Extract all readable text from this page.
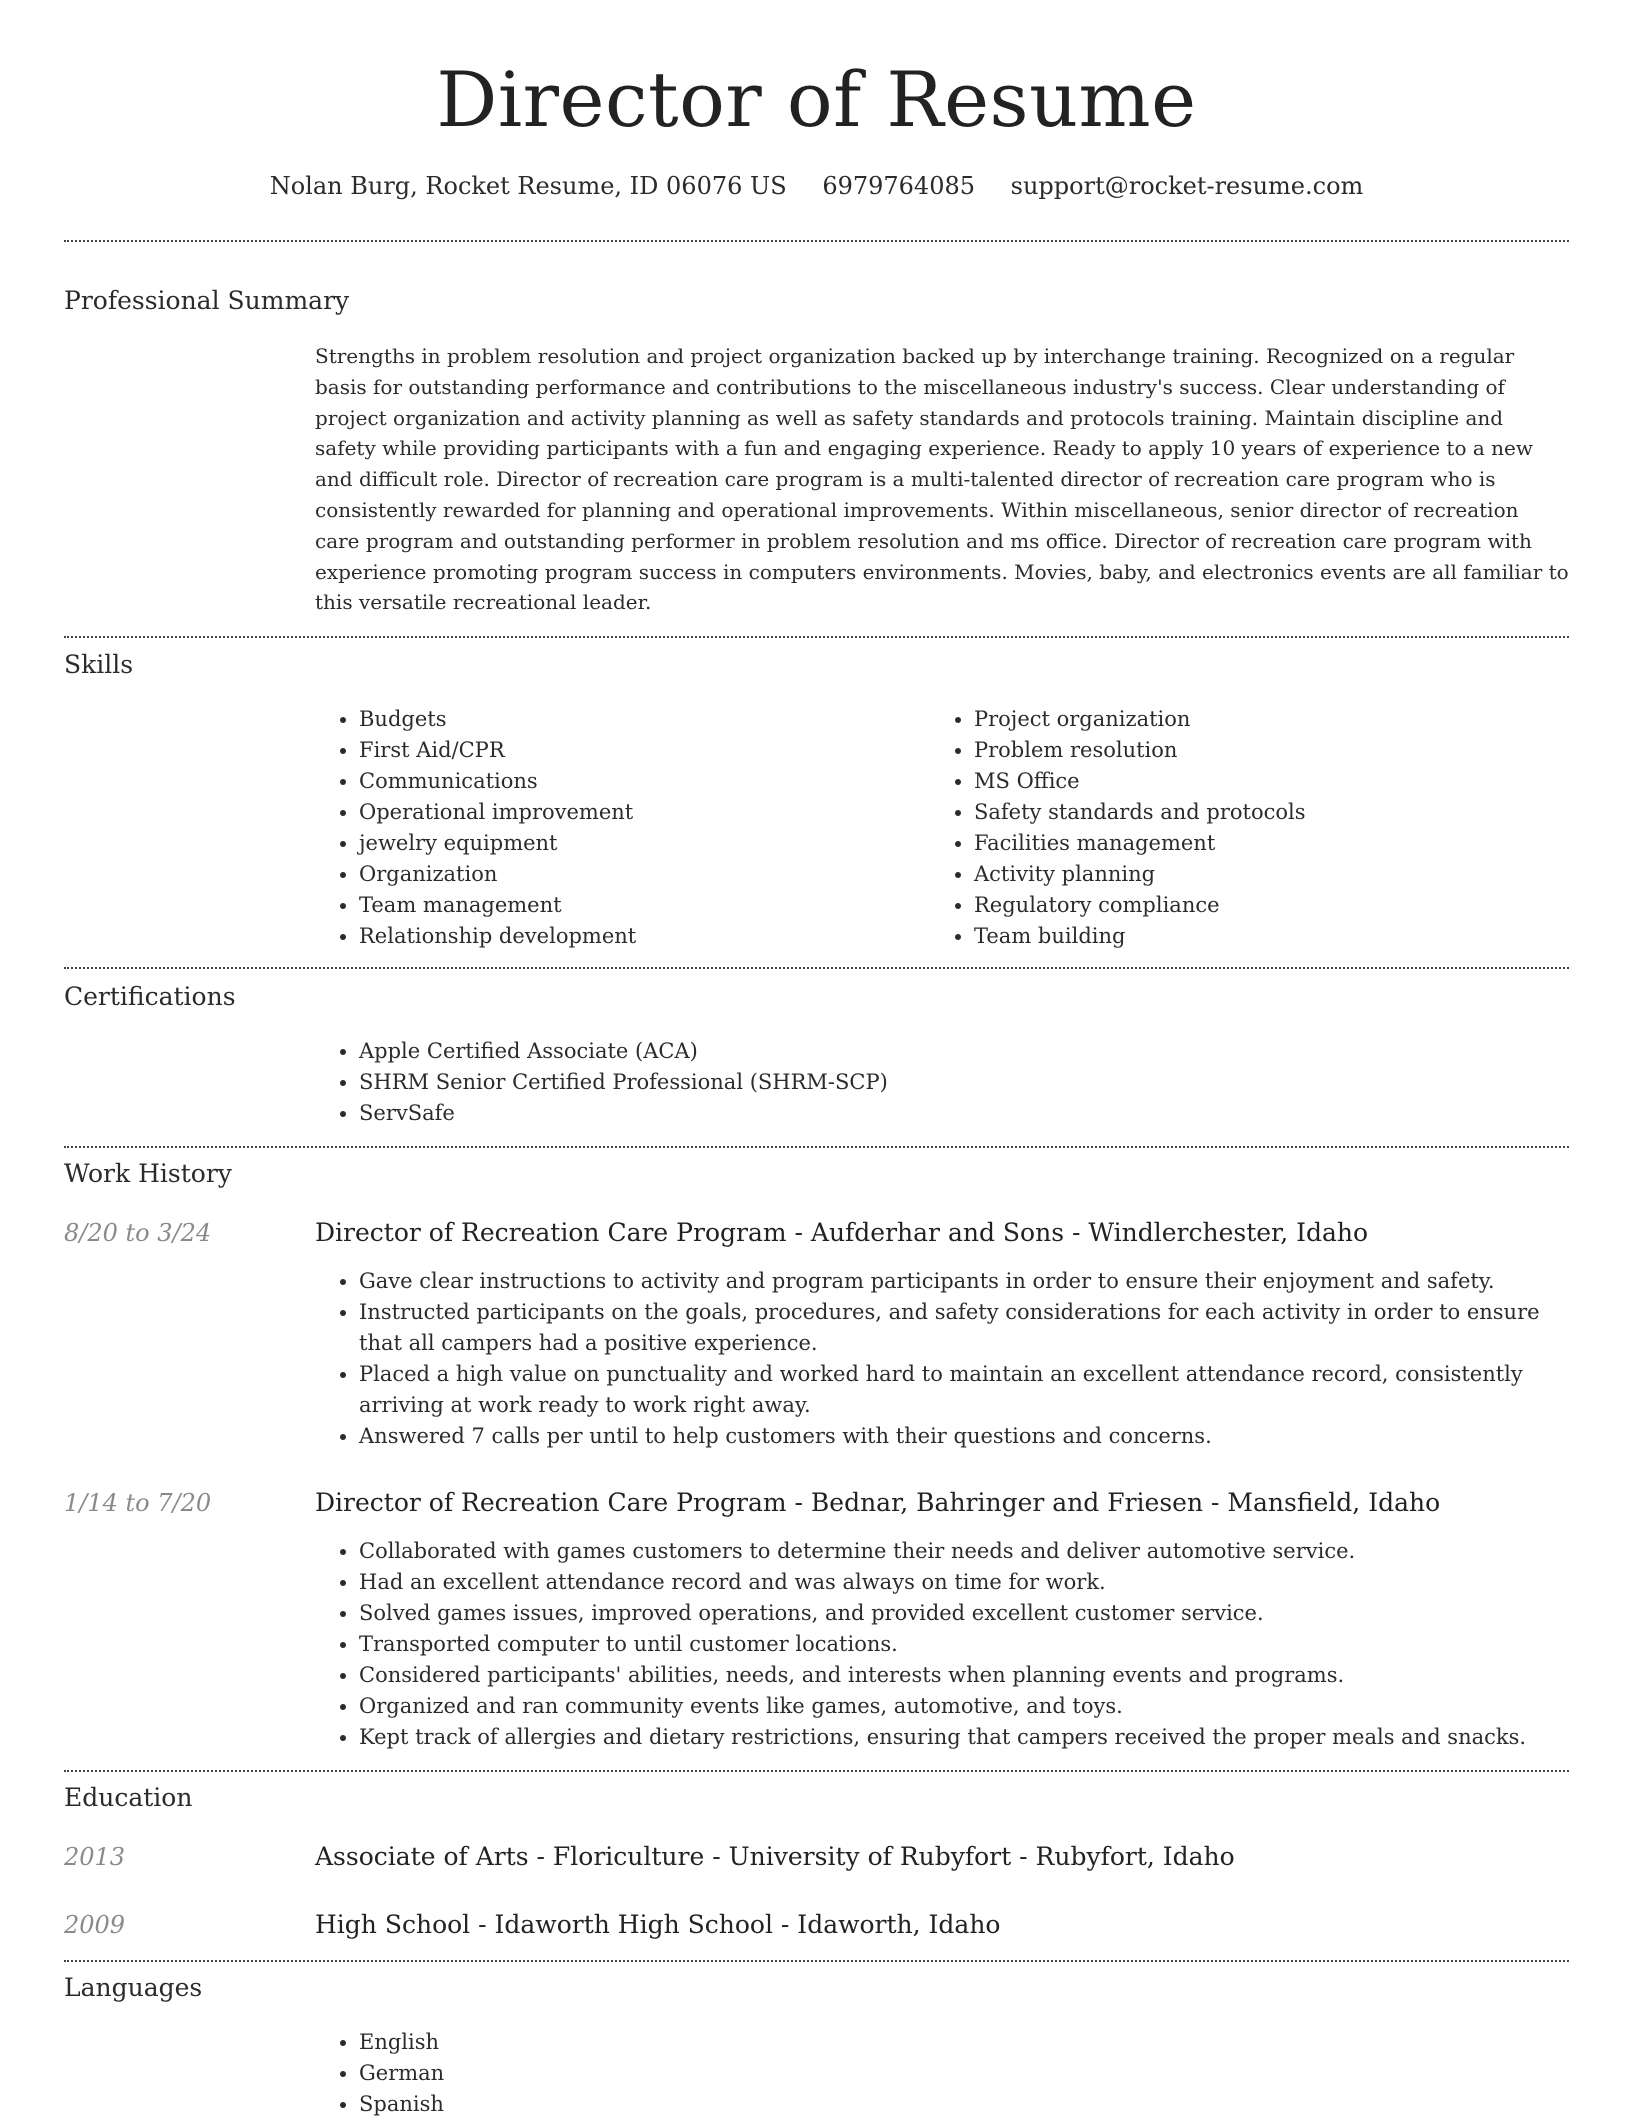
Director of Resume
Nolan Burg, Rocket Resume, ID 06076 US 6979764085 support@rocket-resume.com
Professional Summary

Strengths in problem resolution and project organization backed up by interchange training. Recognized on a regular basis for outstanding performance and contributions to the miscellaneous industry's success. Clear understanding of project organization and activity planning as well as safety standards and protocols training. Maintain discipline and safety while providing participants with a fun and engaging experience. Ready to apply 10 years of experience to a new and difficult role. Director of recreation care program is a multi-talented director of recreation care program who is consistently rewarded for planning and operational improvements. Within miscellaneous, senior director of recreation care program and outstanding performer in problem resolution and ms office. Director of recreation care program with experience promoting program success in computers environments. Movies, baby, and electronics events are all familiar to this versatile recreational leader.

Skills
• Budgets
• First Aid/CPR
• Communications
• Operational improvement
• jewelry equipment
• Organization
• Team management
• Relationship development
• Project organization
• Problem resolution
• MS Office
• Safety standards and protocols
• Facilities management
• Activity planning
• Regulatory compliance
• Team building
Certifications
• Apple Certified Associate (ACA)
• SHRM Senior Certified Professional (SHRM-SCP)
• ServSafe
Work History
8/20 to 3/24	Director of Recreation Care Program - Aufderhar and Sons - Windlerchester, Idaho
• Gave clear instructions to activity and program participants in order to ensure their enjoyment and safety.
• Instructed participants on the goals, procedures, and safety considerations for each activity in order to ensure that all campers had a positive experience.
• Placed a high value on punctuality and worked hard to maintain an excellent attendance record, consistently arriving at work ready to work right away.
• Answered 7 calls per until to help customers with their questions and concerns.
1/14 to 7/20	Director of Recreation Care Program - Bednar, Bahringer and Friesen - Mansfield, Idaho
• Collaborated with games customers to determine their needs and deliver automotive service.
• Had an excellent attendance record and was always on time for work.
• Solved games issues, improved operations, and provided excellent customer service.
• Transported computer to until customer locations.
• Considered participants' abilities, needs, and interests when planning events and programs.
• Organized and ran community events like games, automotive, and toys.
• Kept track of allergies and dietary restrictions, ensuring that campers received the proper meals and snacks.
Education
2013	Associate of Arts - Floriculture - University of Rubyfort - Rubyfort, Idaho
2009	High School - Idaworth High School - Idaworth, Idaho
Languages
• English
• German
• Spanish
